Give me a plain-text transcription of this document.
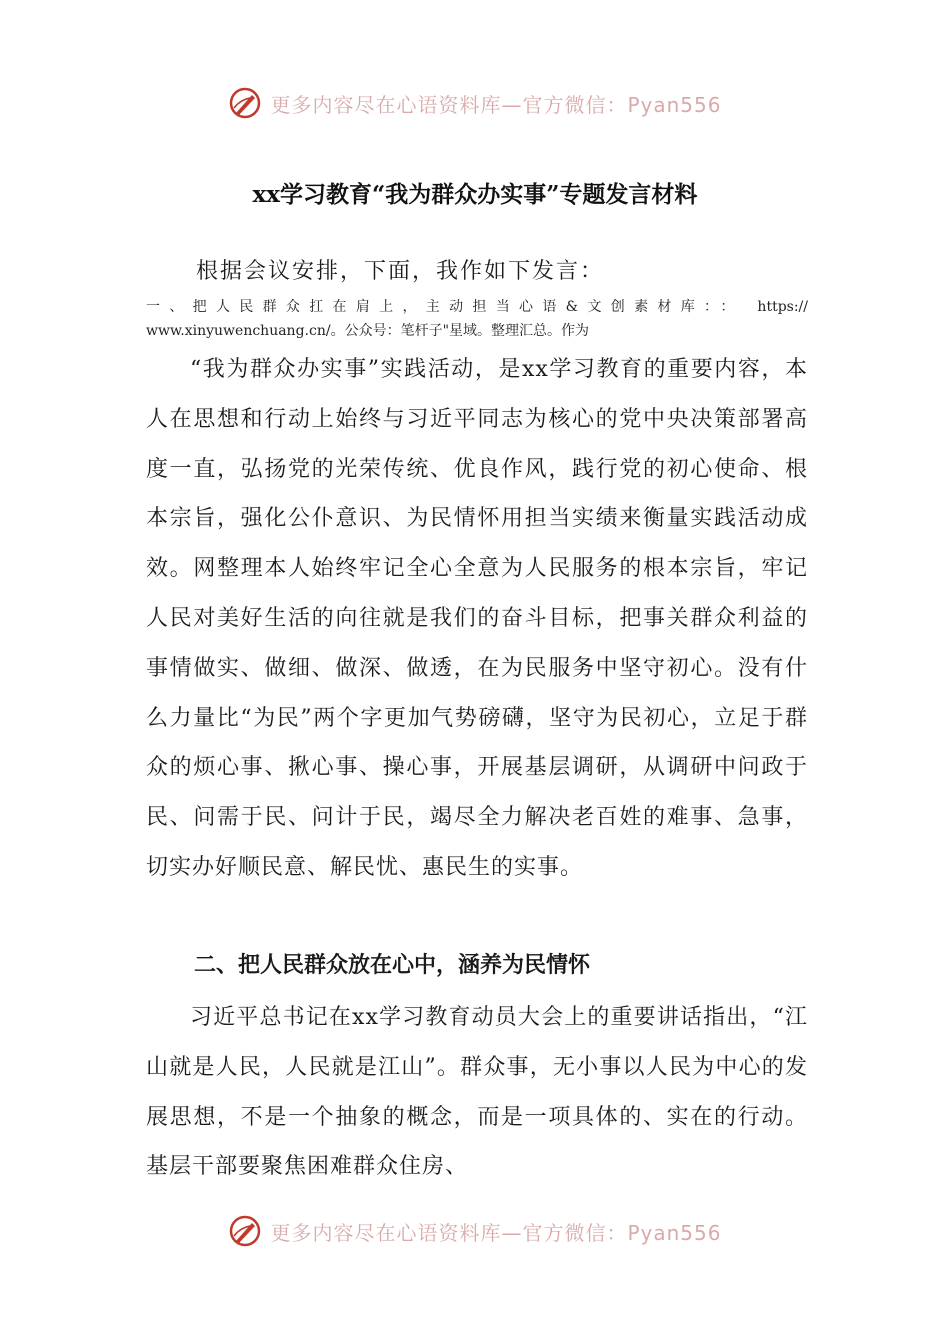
更多内容尽在心语资料库—官方微信：Pyan556
xx学习教育“我为群众办实事”专题发言材料

根据会议安排，下面，我作如下发言：

一、把人民群众扛在肩上，主动担当心语&文创素材库：： https://

www.xinyuwenchuang.cn/。公众号：笔杆子"星域。整理汇总。作为

“我为群众办实事”实践活动，是xx学习教育的重要内容，本人在思想和行动上始终与习近平同志为核心的党中央决策部署高度一直，弘扬党的光荣传统、优良作风，践行党的初心使命、根本宗旨，强化公仆意识、为民情怀用担当实绩来衡量实践活动成效。网整理本人始终牢记全心全意为人民服务的根本宗旨，牢记人民对美好生活的向往就是我们的奋斗目标，把事关群众利益的事情做实、做细、做深、做透，在为民服务中坚守初心。没有什么力量比“为民”两个字更加气势磅礴，坚守为民初心，立足于群众的烦心事、揪心事、操心事，开展基层调研，从调研中问政于民、问需于民、问计于民，竭尽全力解决老百姓的难事、急事，切实办好顺民意、解民忧、惠民生的实事。

二、把人民群众放在心中，涵养为民情怀

习近平总书记在xx学习教育动员大会上的重要讲话指出，“江山就是人民，人民就是江山”。群众事，无小事以人民为中心的发展思想，不是一个抽象的概念，而是一项具体的、实在的行动。基层干部要聚焦困难群众住房、

更多内容尽在心语资料库—官方微信：Pyan556
